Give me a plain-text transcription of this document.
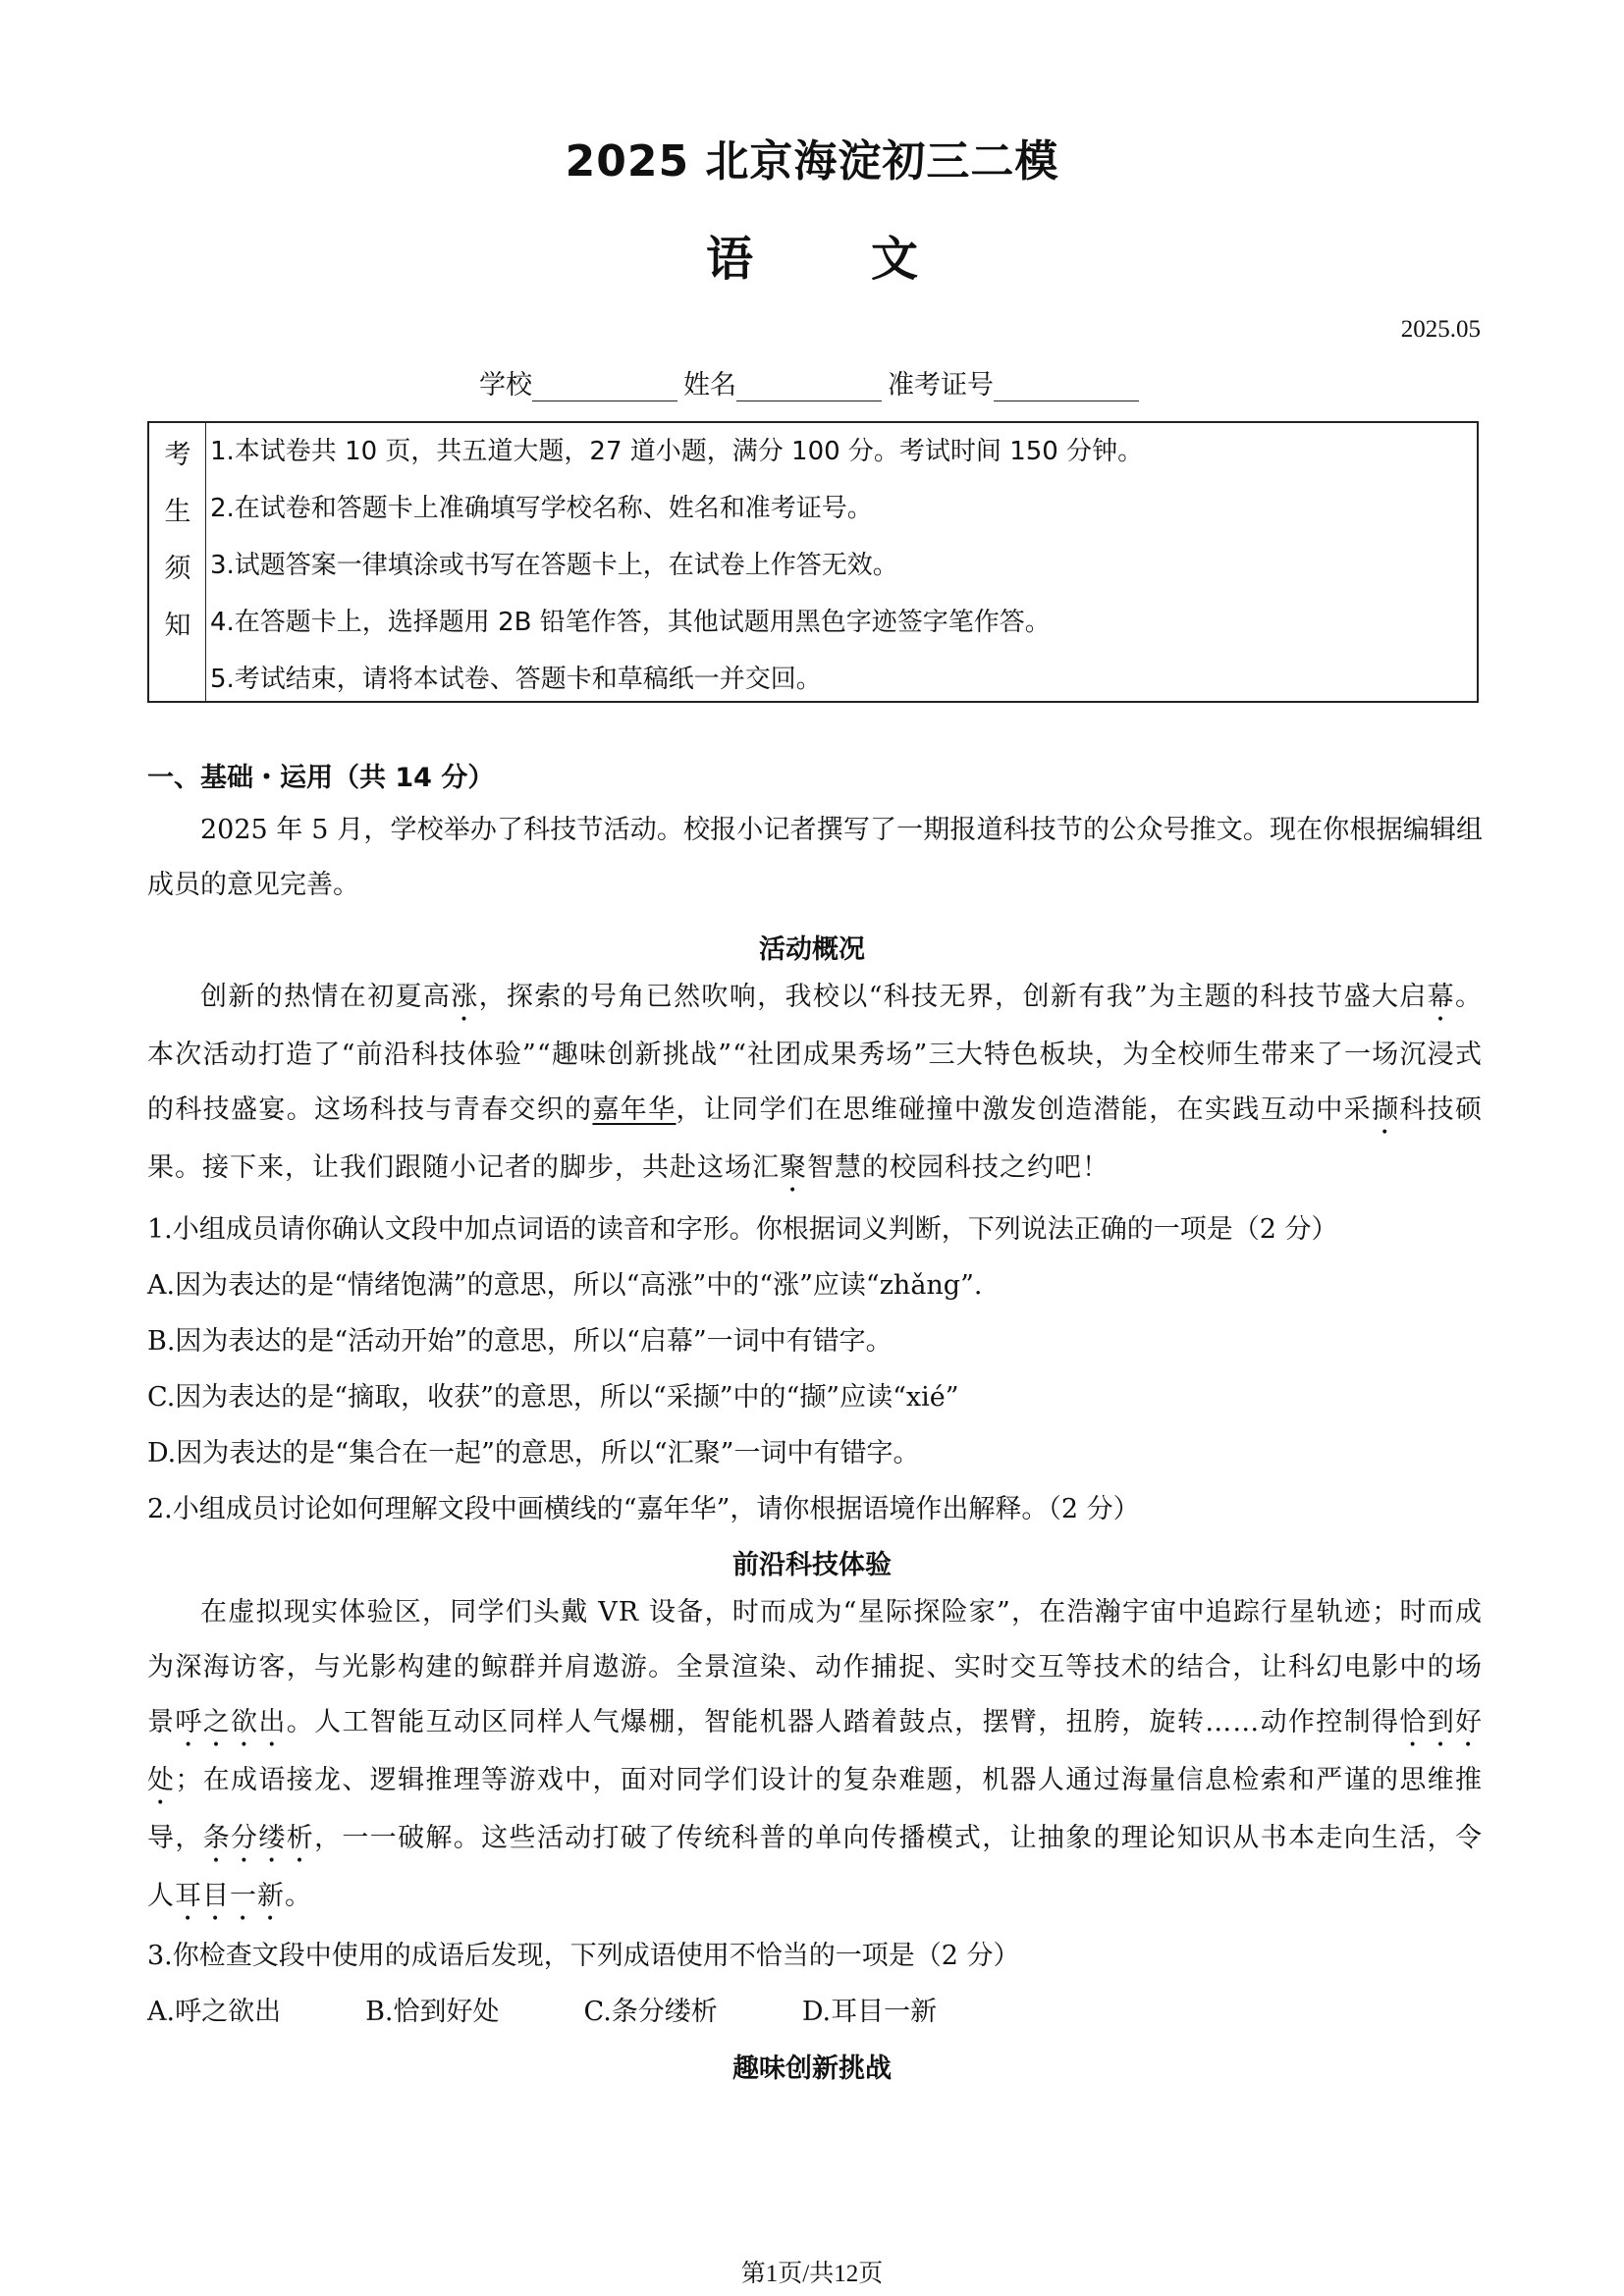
2025 北京海淀初三二模
语	文
2025.05
学校	姓名	准考证号
考
生
须
知
1.本试卷共 10 页，共五道大题，27 道小题，满分 100 分。考试时间 150 分钟。
2.在试卷和答题卡上准确填写学校名称、姓名和准考证号。
3.试题答案一律填涂或书写在答题卡上，在试卷上作答无效。
4.在答题卡上，选择题用 2B 铅笔作答，其他试题用黑色字迹签字笔作答。
5.考试结束，请将本试卷、答题卡和草稿纸一并交回。
一、基础・运用（共 14 分）
2025 年 5 月，学校举办了科技节活动。校报小记者撰写了一期报道科技节的公众号推文。现在你根据编辑组成员的意见完善。
活动概况
创新的热情在初夏高涨，探索的号角已然吹响，我校以“科技无界，创新有我”为主题的科技节盛大启幕。本次活动打造了“前沿科技体验”“趣味创新挑战”“社团成果秀场”三大特色板块，为全校师生带来了一场沉浸式的科技盛宴。这场科技与青春交织的嘉年华，让同学们在思维碰撞中激发创造潜能，在实践互动中采撷科技硕果。接下来，让我们跟随小记者的脚步，共赴这场汇聚智慧的校园科技之约吧！
1.小组成员请你确认文段中加点词语的读音和字形。你根据词义判断，下列说法正确的一项是（2 分）
A.因为表达的是“情绪饱满”的意思，所以“高涨”中的“涨”应读“zhǎng”.
B.因为表达的是“活动开始”的意思，所以“启幕”一词中有错字。
C.因为表达的是“摘取，收获”的意思，所以“采撷”中的“撷”应读“xié”
D.因为表达的是“集合在一起”的意思，所以“汇聚”一词中有错字。
2.小组成员讨论如何理解文段中画横线的“嘉年华”，请你根据语境作出解释。（2 分）
前沿科技体验
在虚拟现实体验区，同学们头戴 VR 设备，时而成为“星际探险家”，在浩瀚宇宙中追踪行星轨迹；时而成为深海访客，与光影构建的鲸群并肩遨游。全景渲染、动作捕捉、实时交互等技术的结合，让科幻电影中的场景呼之欲出。人工智能互动区同样人气爆棚，智能机器人踏着鼓点，摆臂，扭胯，旋转……动作控制得恰到好处；在成语接龙、逻辑推理等游戏中，面对同学们设计的复杂难题，机器人通过海量信息检索和严谨的思维推导，条分缕析，一一破解。这些活动打破了传统科普的单向传播模式，让抽象的理论知识从书本走向生活，令人耳目一新。
3.你检查文段中使用的成语后发现，下列成语使用不恰当的一项是（2 分）
A.呼之欲出	B.恰到好处	C.条分缕析	D.耳目一新
趣味创新挑战
第1页/共12页
